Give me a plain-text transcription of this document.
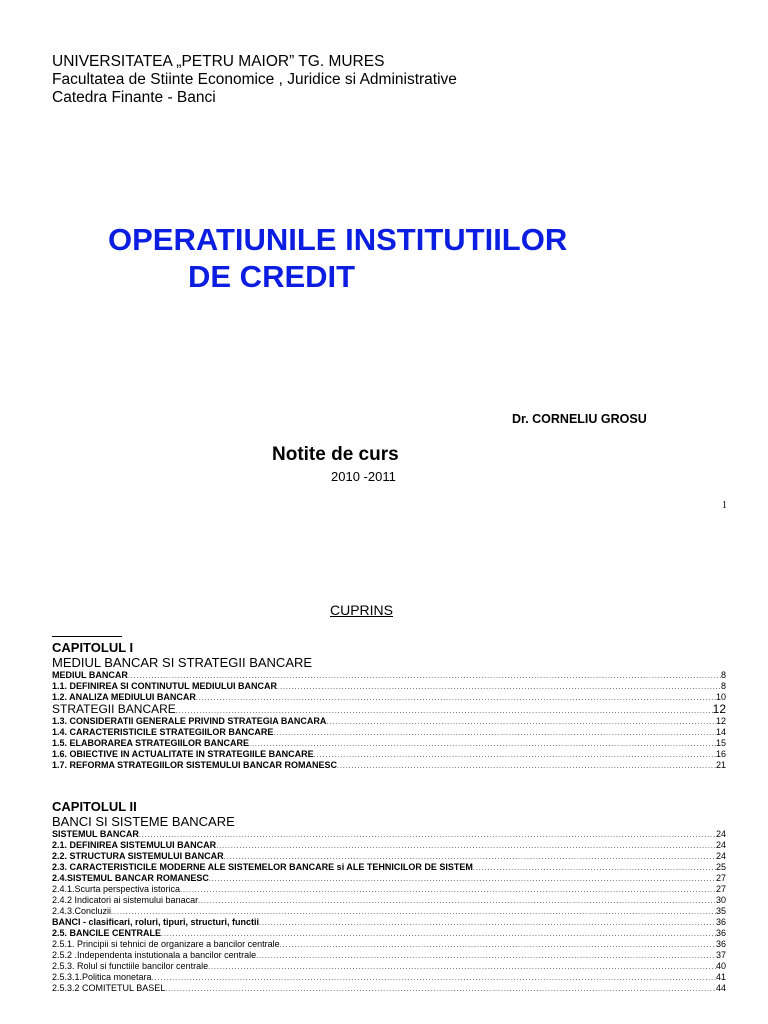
UNIVERSITATEA „PETRU MAIOR” TG. MURES
Facultatea de Stiinte Economice , Juridice si Administrative
Catedra Finante - Banci
OPERATIUNILE INSTITUTIILOR
DE CREDIT
Dr. CORNELIU GROSU
Notite de curs
2010 -2011
1
CUPRINS
CAPITOLUL I
MEDIUL BANCAR SI STRATEGII BANCARE
MEDIUL BANCAR .....	8
1.1. DEFINIREA SI CONTINUTUL MEDIULUI BANCAR .....	8
1.2. ANALIZA MEDIULUI BANCAR .....	10
STRATEGII BANCARE .....	12
1.3. CONSIDERATII GENERALE PRIVIND STRATEGIA BANCARA .....	12
1.4. CARACTERISTICILE STRATEGIILOR BANCARE .....	14
1.5. ELABORAREA STRATEGIILOR BANCARE .....	15
1.6. OBIECTIVE IN ACTUALITATE IN STRATEGIILE BANCARE .....	16
1.7. REFORMA STRATEGIILOR SISTEMULUI BANCAR ROMANESC .....	21
CAPITOLUL II
BANCI SI SISTEME BANCARE
SISTEMUL BANCAR .....	24
2.1. DEFINIREA SISTEMULUI BANCAR .....	24
2.2. STRUCTURA SISTEMULUI BANCAR .....	24
2.3. CARACTERISTICILE MODERNE ALE SISTEMELOR BANCARE si ALE TEHNICILOR DE SISTEM .....	25
2.4.SISTEMUL BANCAR ROMANESC .....	27
2.4.1.Scurta perspectiva istorica .....	27
2.4.2 Indicatori ai sistemului banacar .....	30
2.4.3.Concluzii .....	35
BANCI - clasificari, roluri, tipuri, structuri, functii .....	36
2.5. BANCILE CENTRALE .....	36
2.5.1. Principii si tehnici de organizare a bancilor centrale .....	36
2.5.2 .Independenta instutionala a bancilor centrale .....	37
2.5.3. Rolul si functiile bancilor centrale .....	40
2.5.3.1.Politica monetara .....	41
2.5.3.2 COMITETUL BASEL .....	44
